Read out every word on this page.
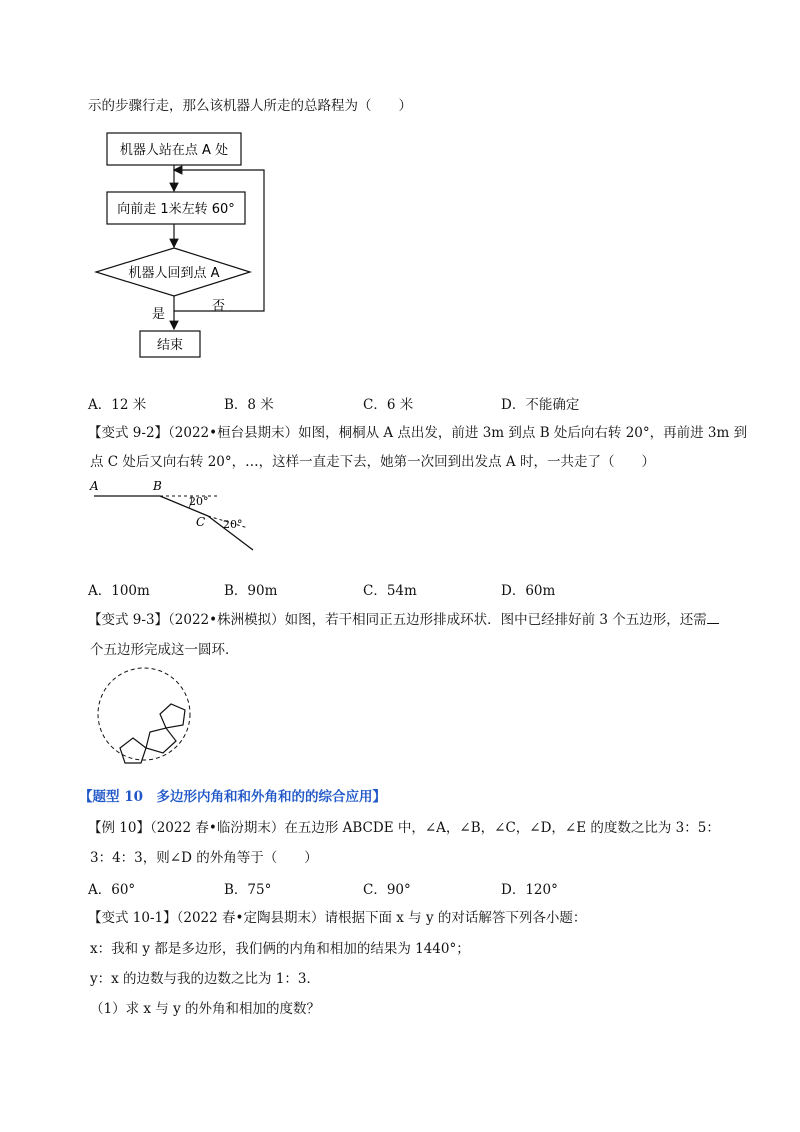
示的步骤行走，那么该机器人所走的总路程为（　　）
机器人站在点 A 处
向前走 1米左转 60°
机器人回到点 A
否
是
结束
A．12 米	B．8 米	C．6 米	D．不能确定
【变式 9-2】（2022•桓台县期末）如图，桐桐从 A 点出发，前进 3m 到点 B 处后向右转 20°，再前进 3m 到
点 C 处后又向右转 20°，…，这样一直走下去，她第一次回到出发点 A 时，一共走了（　　）
A	B
C
20°
20°
A．100m	B．90m	C．54m	D．60m
【变式 9-3】（2022•株洲模拟）如图，若干相同正五边形排成环状．图中已经排好前 3 个五边形，还需
个五边形完成这一圆环．
【题型 10　多边形内角和和外角和的的综合应用】
【例 10】（2022 春•临汾期末）在五边形 ABCDE 中，∠A，∠B，∠C，∠D，∠E 的度数之比为 3：5：
3：4：3，则∠D 的外角等于（　　）
A．60°	B．75°	C．90°	D．120°
【变式 10-1】（2022 春•定陶县期末）请根据下面 x 与 y 的对话解答下列各小题：
x：我和 y 都是多边形，我们俩的内角和相加的结果为 1440°；
y：x 的边数与我的边数之比为 1：3．
（1）求 x 与 y 的外角和相加的度数？
